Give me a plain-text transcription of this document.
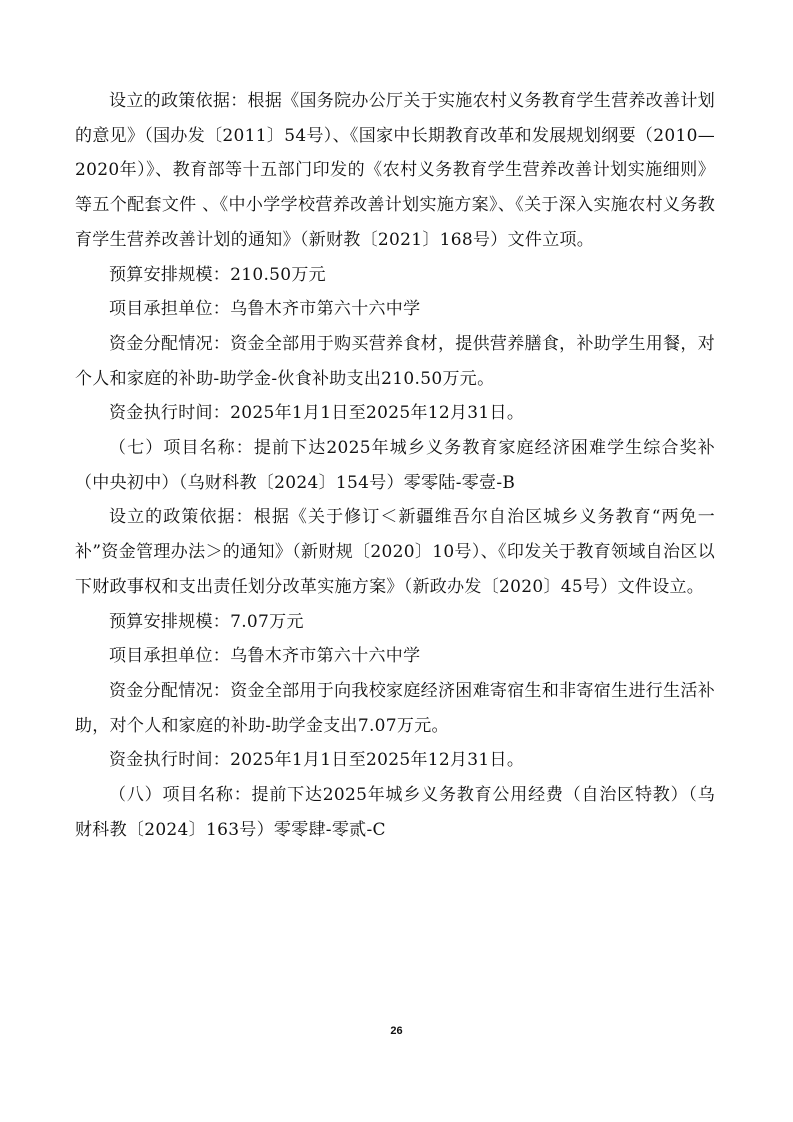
设立的政策依据：根据《国务院办公厅关于实施农村义务教育学生营养改善计划的意见》（国办发〔2011〕54号）、《国家中长期教育改革和发展规划纲要（2010—2020年）》、教育部等十五部门印发的《农村义务教育学生营养改善计划实施细则》等五个配套文件 、《中小学学校营养改善计划实施方案》、《关于深入实施农村义务教育学生营养改善计划的通知》（新财教〔2021〕168号）文件立项。

预算安排规模：210.50万元

项目承担单位：乌鲁木齐市第六十六中学

资金分配情况：资金全部用于购买营养食材，提供营养膳食，补助学生用餐，对个人和家庭的补助-助学金-伙食补助支出210.50万元。

资金执行时间：2025年1月1日至2025年12月31日。

（七）项目名称：提前下达2025年城乡义务教育家庭经济困难学生综合奖补（中央初中）（乌财科教〔2024〕154号）零零陆-零壹-B

设立的政策依据：根据《关于修订＜新疆维吾尔自治区城乡义务教育“两免一补”资金管理办法＞的通知》（新财规〔2020〕10号）、《印发关于教育领域自治区以下财政事权和支出责任划分改革实施方案》（新政办发〔2020〕45号）文件设立。

预算安排规模：7.07万元

项目承担单位：乌鲁木齐市第六十六中学

资金分配情况：资金全部用于向我校家庭经济困难寄宿生和非寄宿生进行生活补助，对个人和家庭的补助-助学金支出7.07万元。

资金执行时间：2025年1月1日至2025年12月31日。

（八）项目名称：提前下达2025年城乡义务教育公用经费（自治区特教）（乌财科教〔2024〕163号）零零肆-零贰-C

26
